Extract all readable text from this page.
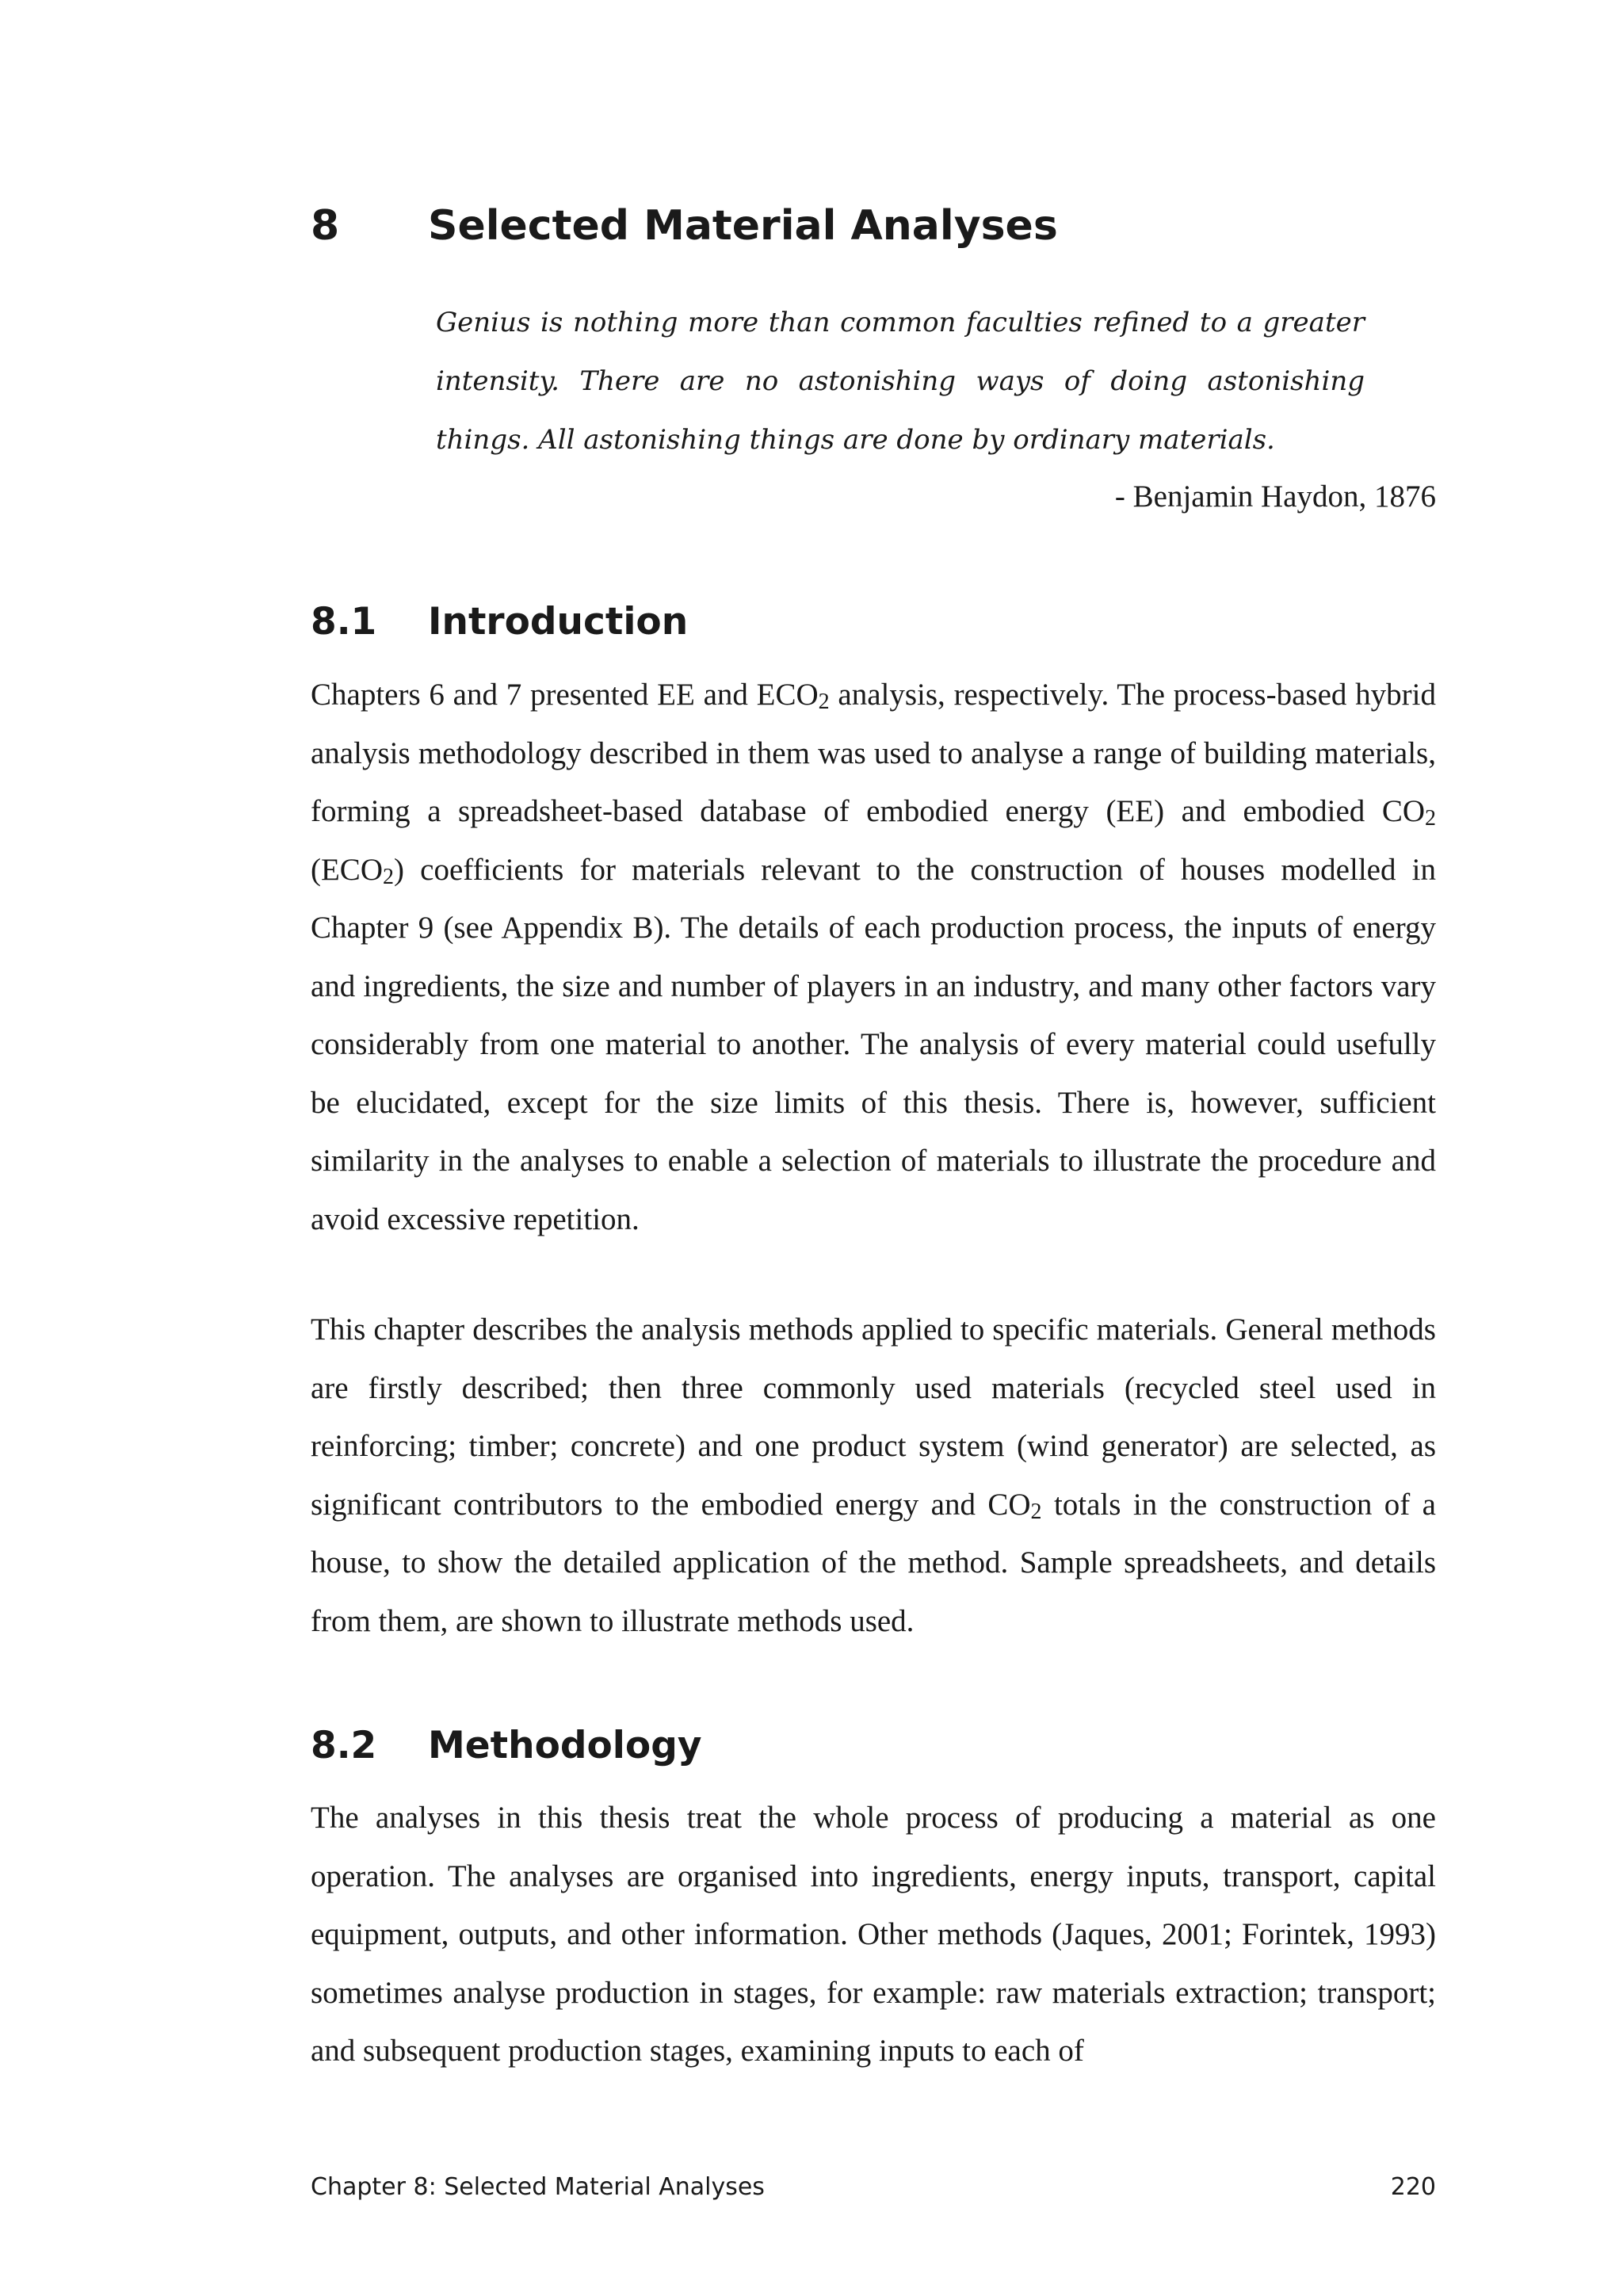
8 Selected Material Analyses

Genius is nothing more than common faculties refined to a greater intensity. There are no astonishing ways of doing astonishing things. All astonishing things are done by ordinary materials.

- Benjamin Haydon, 1876

8.1 Introduction

Chapters 6 and 7 presented EE and $ECO_2$ analysis, respectively. The process-based hybrid analysis methodology described in them was used to analyse a range of building materials, forming a spreadsheet-based database of embodied energy (EE) and embodied $CO_2$ $(ECO_2)$ coefficients for materials relevant to the construction of houses modelled in Chapter 9 (see Appendix B). The details of each production process, the inputs of energy and ingredients, the size and number of players in an industry, and many other factors vary considerably from one material to another. The analysis of every material could usefully be elucidated, except for the size limits of this thesis. There is, however, sufficient similarity in the analyses to enable a selection of materials to illustrate the procedure and avoid excessive repetition.

This chapter describes the analysis methods applied to specific materials. General methods are firstly described; then three commonly used materials (recycled steel used in reinforcing; timber; concrete) and one product system (wind generator) are selected, as significant contributors to the embodied energy and $CO_2$ totals in the construction of a house, to show the detailed application of the method. Sample spreadsheets, and details from them, are shown to illustrate methods used.

8.2 Methodology

The analyses in this thesis treat the whole process of producing a material as one operation. The analyses are organised into ingredients, energy inputs, transport, capital equipment, outputs, and other information. Other methods (Jaques, 2001; Forintek, 1993) sometimes analyse production in stages, for example: raw materials extraction; transport; and subsequent production stages, examining inputs to each of

Chapter 8: Selected Material Analyses	220
